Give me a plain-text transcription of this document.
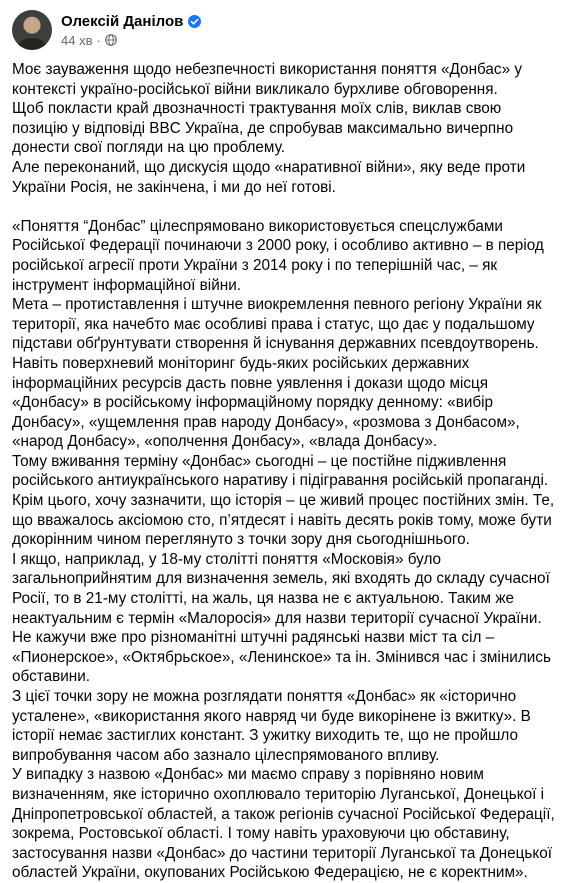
Олексій Данілов
44 хв ·

Моє зауваження щодо небезпечності використання поняття «Донбас» у контексті україно-російської війни викликало бурхливе обговорення.

Щоб покласти край двозначності трактування моїх слів, виклав свою позицію у відповіді BBC Україна, де спробував максимально вичерпно донести свої погляди на цю проблему.

Але переконаний, що дискусія щодо «наративної війни», яку веде проти України Росія, не закінчена, і ми до неї готові.

«Поняття “Донбас” цілеспрямовано використовується спецслужбами Російської Федерації починаючи з 2000 року, і особливо активно – в період російської агресії проти України з 2014 року і по теперішній час, – як інструмент інформаційної війни.

Мета – протиставлення і штучне виокремлення певного регіону України як території, яка начебто має особливі права і статус, що дає у подальшому підстави обґрунтувати створення й існування державних псевдоутворень.

Навіть поверхневий моніторинг будь-яких російських державних інформаційних ресурсів дасть повне уявлення і докази щодо місця «Донбасу» в російському інформаційному порядку денному: «вибір Донбасу», «ущемлення прав народу Донбасу», «розмова з Донбасом», «народ Донбасу», «ополчення Донбасу», «влада Донбасу».

Тому вживання терміну «Донбас» сьогодні – це постійне підживлення російського антиукраїнського наративу і підігравання російській пропаганді.

Крім цього, хочу зазначити, що історія – це живий процес постійних змін. Те, що вважалось аксіомою сто, п’ятдесят і навіть десять років тому, може бути докорінним чином переглянуто з точки зору дня сьогоднішнього.

І якщо, наприклад, у 18-му столітті поняття «Московія» було загальноприйнятим для визначення земель, які входять до складу сучасної Росії, то в 21-му столітті, на жаль, ця назва не є актуальною. Таким же неактуальним є термін «Малоросія» для назви території сучасної України. Не кажучи вже про різноманітні штучні радянські назви міст та сіл – «Пионерское», «Октябрьское», «Ленинское» та ін. Змінився час і змінились обставини.

З цієї точки зору не можна розглядати поняття «Донбас» як «історично усталене», «використання якого навряд чи буде викорінене із вжитку». В історії немає застиглих констант. З ужитку виходить те, що не пройшло випробування часом або зазнало цілеспрямованого впливу.

У випадку з назвою «Донбас» ми маємо справу з порівняно новим визначенням, яке історично охоплювало територію Луганської, Донецької і Дніпропетровської областей, а також регіонів сучасної Російської Федерації, зокрема, Ростовської області. І тому навіть ураховуючи цю обставину, застосування назви «Донбас» до частини території Луганської та Донецької областей України, окупованих Російською Федерацією, не є коректним».
